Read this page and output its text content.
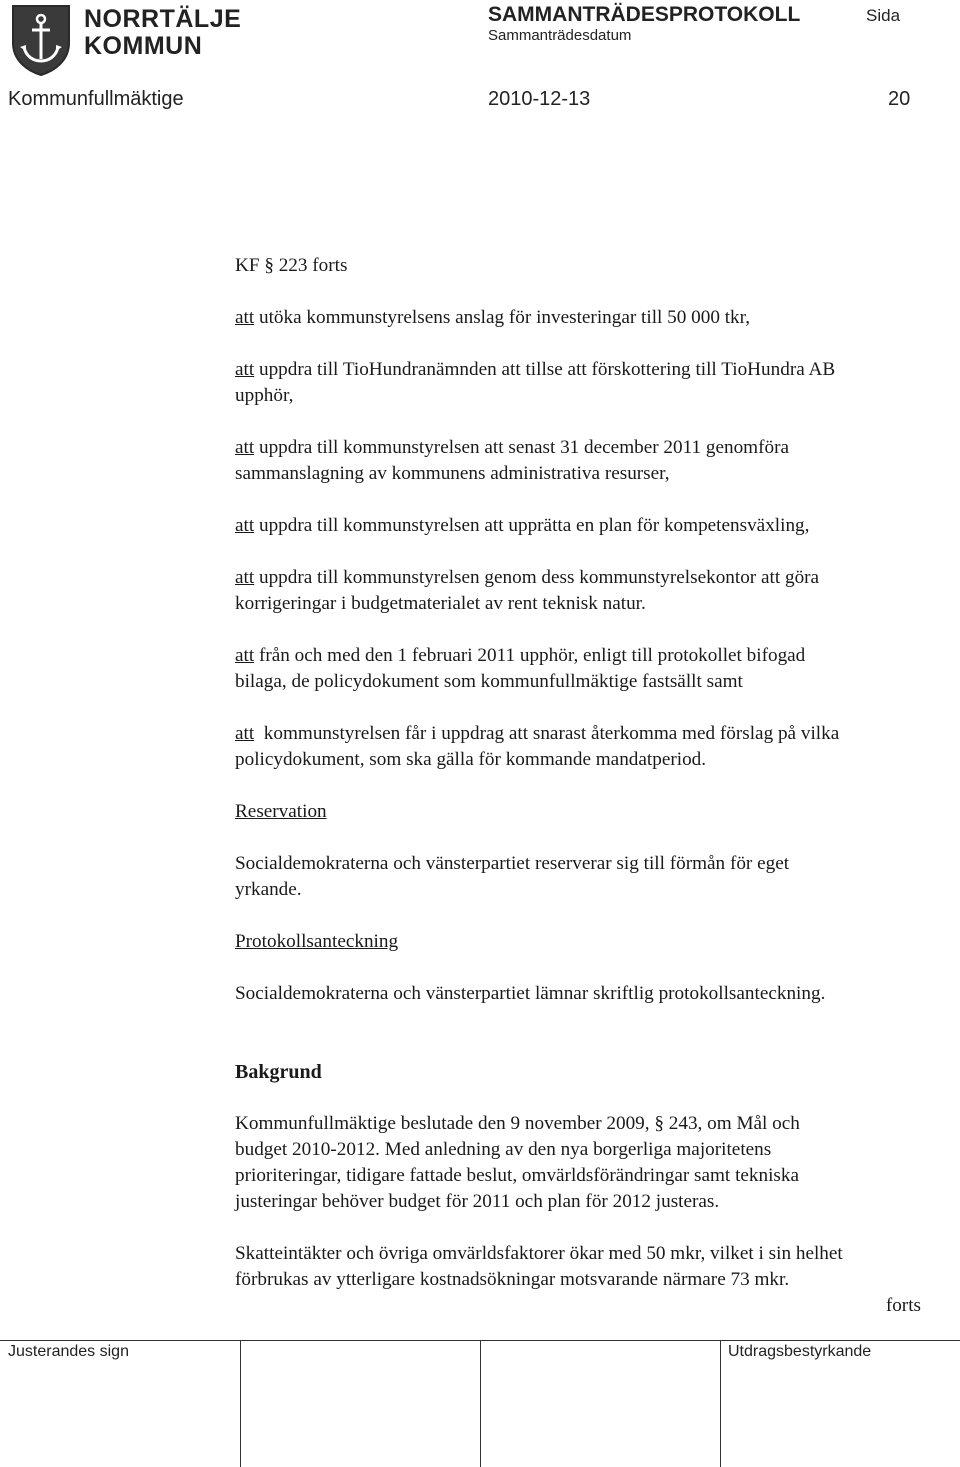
NORRTÄLJE
KOMMUN
SAMMANTRÄDESPROTOKOLL
Sammanträdesdatum
Sida
Kommunfullmäktige	2010-12-13	20

KF § 223 forts

att utöka kommunstyrelsens anslag för investeringar till 50 000 tkr,

att uppdra till TioHundranämnden att tillse att förskottering till TioHundra AB
upphör,

att uppdra till kommunstyrelsen att senast 31 december 2011 genomföra
sammanslagning av kommunens administrativa resurser,

att uppdra till kommunstyrelsen att upprätta en plan för kompetensväxling,

att uppdra till kommunstyrelsen genom dess kommunstyrelsekontor att göra
korrigeringar i budgetmaterialet av rent teknisk natur.

att från och med den 1 februari 2011 upphör, enligt till protokollet bifogad
bilaga, de policydokument som kommunfullmäktige fastsällt samt

att  kommunstyrelsen får i uppdrag att snarast återkomma med förslag på vilka
policydokument, som ska gälla för kommande mandatperiod.

Reservation

Socialdemokraterna och vänsterpartiet reserverar sig till förmån för eget
yrkande.

Protokollsanteckning

Socialdemokraterna och vänsterpartiet lämnar skriftlig protokollsanteckning.

Bakgrund

Kommunfullmäktige beslutade den 9 november 2009, § 243, om Mål och
budget 2010-2012. Med anledning av den nya borgerliga majoritetens
prioriteringar, tidigare fattade beslut, omvärldsförändringar samt tekniska
justeringar behöver budget för 2011 och plan för 2012 justeras.

Skatteintäkter och övriga omvärldsfaktorer ökar med 50 mkr, vilket i sin helhet
förbrukas av ytterligare kostnadsökningar motsvarande närmare 73 mkr.

forts

Justerandes sign	Utdragsbestyrkande
